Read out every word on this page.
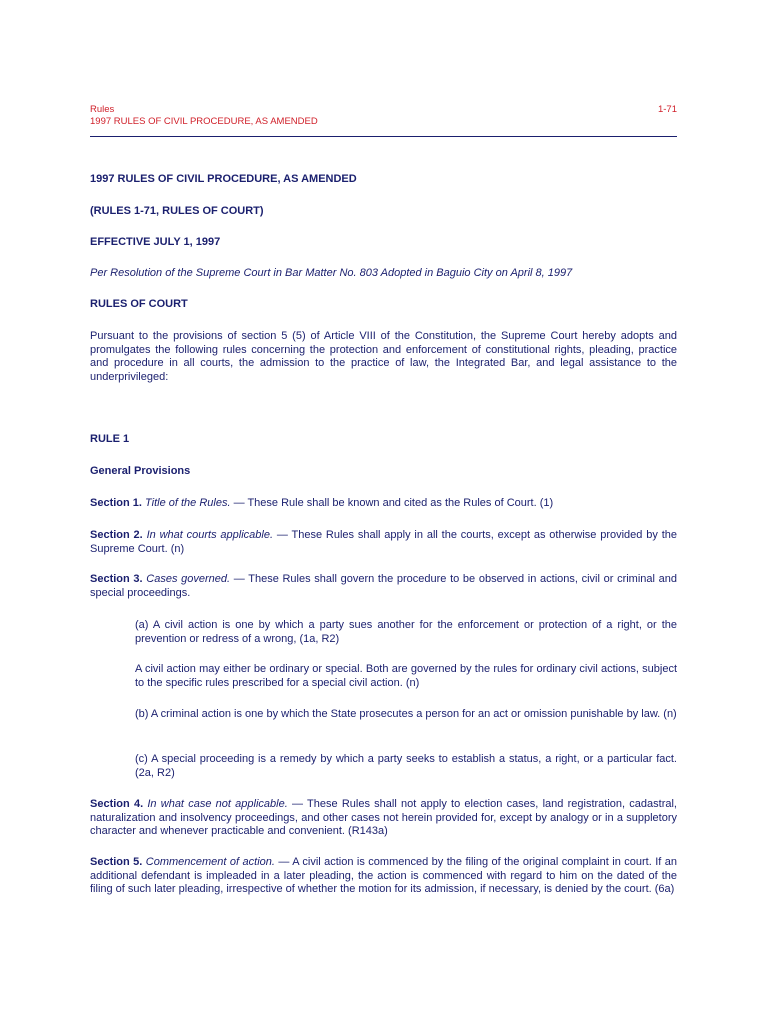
Rules
1997 RULES OF CIVIL PROCEDURE, AS AMENDED
1-71
1997 RULES OF CIVIL PROCEDURE, AS AMENDED
(RULES 1-71, RULES OF COURT)
EFFECTIVE JULY 1, 1997
Per Resolution of the Supreme Court in Bar Matter No. 803 Adopted in Baguio City on April 8, 1997
RULES OF COURT
Pursuant to the provisions of section 5 (5) of Article VIII of the Constitution, the Supreme Court hereby adopts and promulgates the following rules concerning the protection and enforcement of constitutional rights, pleading, practice and procedure in all courts, the admission to the practice of law, the Integrated Bar, and legal assistance to the underprivileged:
RULE 1
General Provisions
Section 1. Title of the Rules. — These Rule shall be known and cited as the Rules of Court. (1)
Section 2. In what courts applicable. — These Rules shall apply in all the courts, except as otherwise provided by the Supreme Court. (n)
Section 3. Cases governed. — These Rules shall govern the procedure to be observed in actions, civil or criminal and special proceedings.
(a) A civil action is one by which a party sues another for the enforcement or protection of a right, or the prevention or redress of a wrong, (1a, R2)
A civil action may either be ordinary or special. Both are governed by the rules for ordinary civil actions, subject to the specific rules prescribed for a special civil action. (n)
(b) A criminal action is one by which the State prosecutes a person for an act or omission punishable by law. (n)
(c) A special proceeding is a remedy by which a party seeks to establish a status, a right, or a particular fact. (2a, R2)
Section 4. In what case not applicable. — These Rules shall not apply to election cases, land registration, cadastral, naturalization and insolvency proceedings, and other cases not herein provided for, except by analogy or in a suppletory character and whenever practicable and convenient. (R143a)
Section 5. Commencement of action. — A civil action is commenced by the filing of the original complaint in court. If an additional defendant is impleaded in a later pleading, the action is commenced with regard to him on the dated of the filing of such later pleading, irrespective of whether the motion for its admission, if necessary, is denied by the court. (6a)
